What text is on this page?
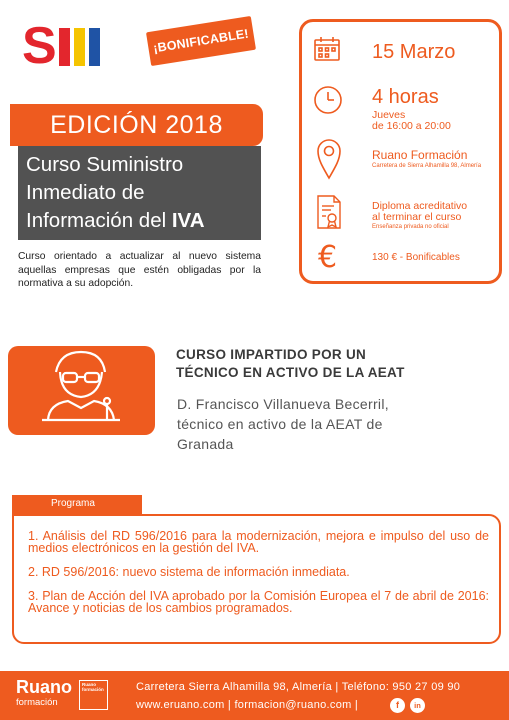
S	¡BONIFICABLE!
EDICIÓN 2018
Curso Suministro
Inmediato de
Información del IVA
Curso orientado a actualizar al nuevo sistema aquellas empresas que estén obligadas por la normativa a su adopción.
15 Marzo
4 horas
Jueves
de 16:00 a 20:00
Ruano Formación
Carretera de Sierra Alhamilla 98, Almería
Diploma acreditativo
al terminar el curso
Enseñanza privada no oficial
€	130 € - Bonificables
CURSO IMPARTIDO POR UN
TÉCNICO EN ACTIVO DE LA AEAT
D. Francisco Villanueva Becerril,
técnico en activo de la AEAT de
Granada
Programa
1. Análisis del RD 596/2016 para la modernización, mejora e impulso del uso de medios electrónicos en la gestión del IVA.
2. RD 596/2016: nuevo sistema de información inmediata.
3. Plan de Acción del IVA aprobado por la Comisión Europea el 7 de abril de 2016: Avance y noticias de los cambios programados.
Ruano
formación
Ruano formación	Carretera Sierra Alhamilla 98, Almería | Teléfono: 950 27 09 90
www.eruano.com | formacion@ruano.com |	f	in
